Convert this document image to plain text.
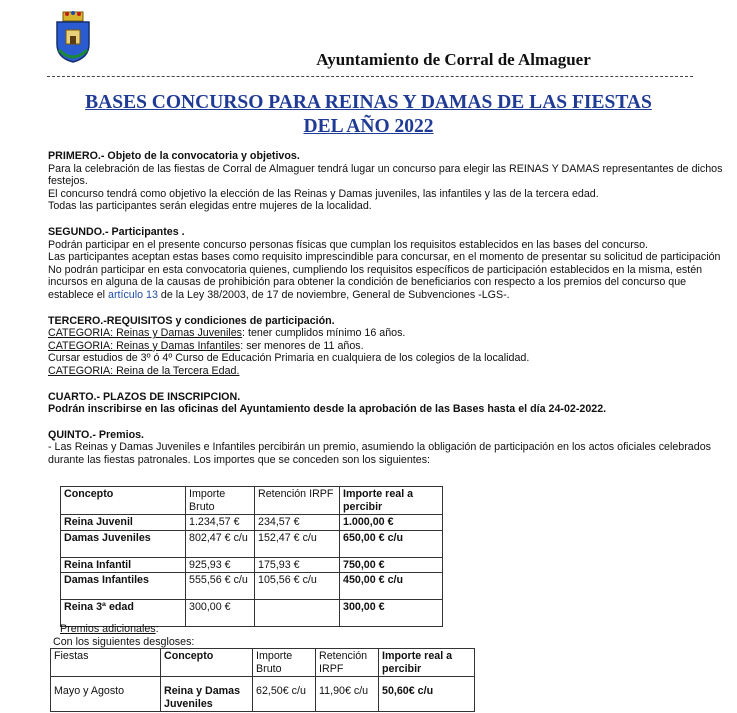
Ayuntamiento de Corral de Almaguer
BASES CONCURSO PARA REINAS Y DAMAS DE LAS FIESTAS
DEL AÑO 2022

PRIMERO.- Objeto de la convocatoria y objetivos.

Para la celebración de las fiestas de Corral de Almaguer tendrá lugar un concurso para elegir las REINAS Y DAMAS representantes de dichos festejos.

El concurso tendrá como objetivo la elección de las Reinas y Damas juveniles, las infantiles y las de la tercera edad.

Todas las participantes serán elegidas entre mujeres de la localidad.

SEGUNDO.- Participantes .

Podrán participar en el presente concurso personas físicas que cumplan los requisitos establecidos en las bases del concurso.

Las participantes aceptan estas bases como requisito imprescindible para concursar, en el momento de presentar su solicitud de participación

No podrán participar en esta convocatoria quienes, cumpliendo los requisitos específicos de participación establecidos en la misma, estén incursos en alguna de la causas de prohibición para obtener la condición de beneficiarios con respecto a los premios del concurso que establece el artículo 13 de la Ley 38/2003, de 17 de noviembre, General de Subvenciones -LGS-.

TERCERO.-REQUISITOS y condiciones de participación.

CATEGORIA: Reinas y Damas Juveniles: tener cumplidos mínimo 16 años.

CATEGORIA: Reinas y Damas Infantiles: ser menores de 11 años.

Cursar estudios de 3º ó 4º Curso de Educación Primaria en cualquiera de los colegios de la localidad.

CATEGORIA: Reina de la Tercera Edad.

CUARTO.- PLAZOS DE INSCRIPCION.

Podrán inscribirse en las oficinas del Ayuntamiento desde la aprobación de las Bases hasta el día 24-02-2022.

QUINTO.- Premios.

- Las Reinas y Damas Juveniles e Infantiles percibirán un premio, asumiendo la obligación de participación en los actos oficiales celebrados durante las fiestas patronales. Los importes que se conceden son los siguientes:

Concepto	Importe Bruto	Retención IRPF	Importe real a percibir
Reina Juvenil	1.234,57 €	234,57 €	1.000,00 €
Damas Juveniles	802,47 € c/u	152,47 € c/u	650,00 € c/u
Reina Infantil	925,93 €	175,93 €	750,00 €
Damas Infantiles	555,56 € c/u	105,56 € c/u	450,00 € c/u
Reina 3ª edad	300,00 €		300,00 €
Premios adicionales:
Con los siguientes desgloses:
Fiestas	Concepto	Importe Bruto	Retención IRPF	Importe real a percibir
Mayo y Agosto	Reina y Damas Juveniles	62,50€ c/u	11,90€ c/u	50,60€ c/u
